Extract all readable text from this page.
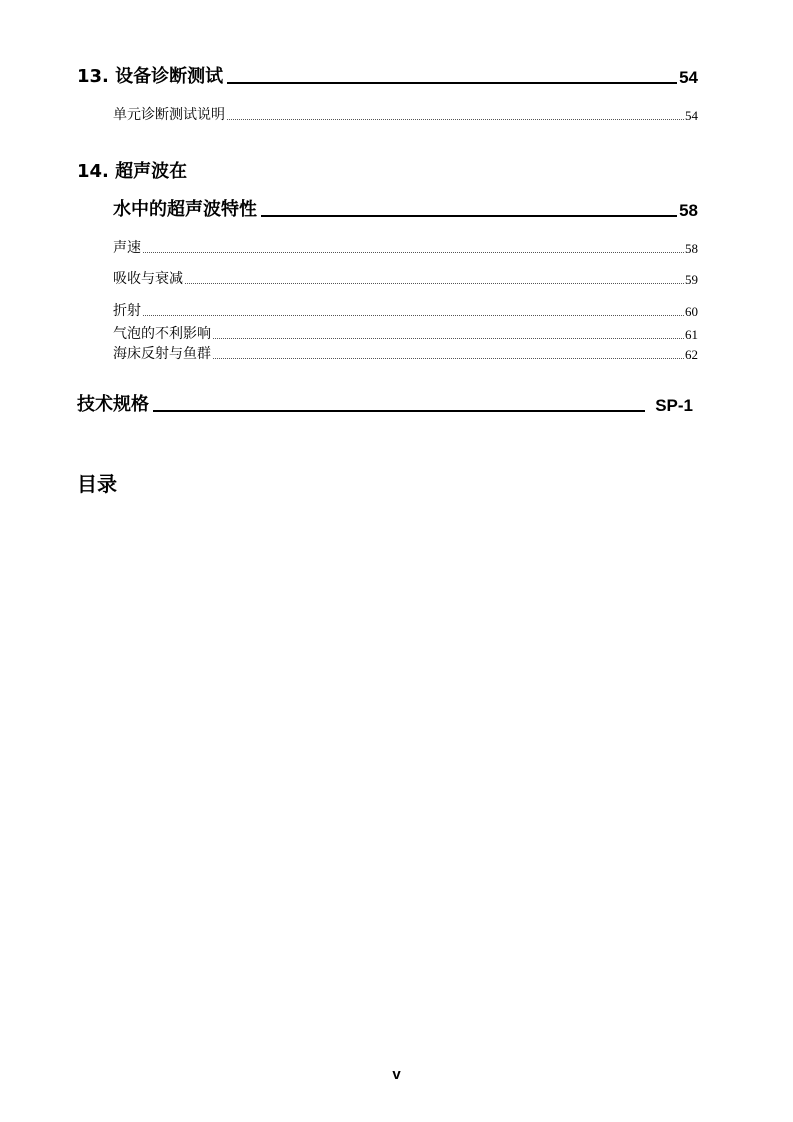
13. 设备诊断测试	54
单元诊断测试说明	54
14. 超声波在
水中的超声波特性	58
声速	58
吸收与衰减	59
折射	60
气泡的不利影响	61
海床反射与鱼群	62
技术规格	SP-1
目录
v
